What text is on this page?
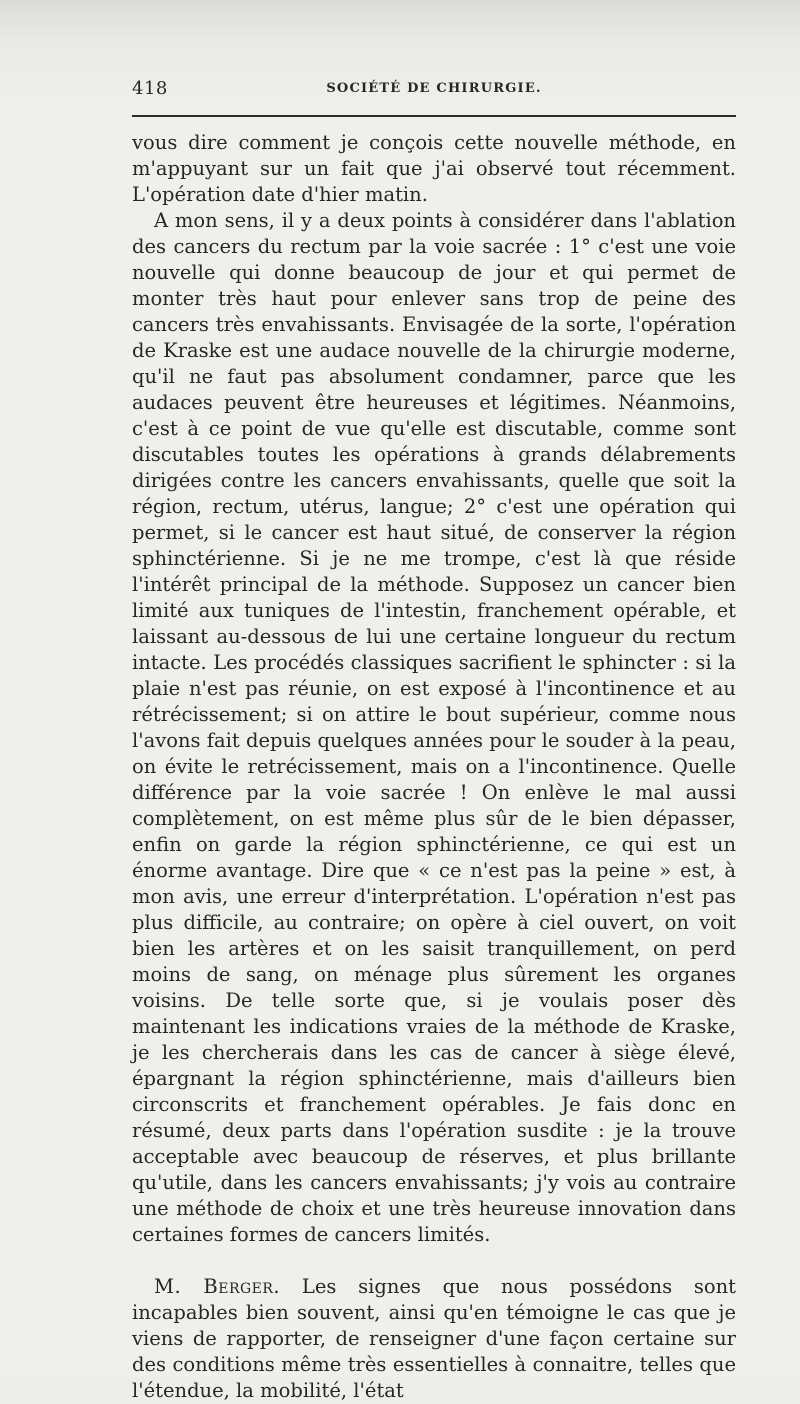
418	SOCIÉTÉ DE CHIRURGIE.

vous dire comment je conçois cette nouvelle méthode, en m'appuyant sur un fait que j'ai observé tout récemment. L'opération date d'hier matin.

A mon sens, il y a deux points à considérer dans l'ablation des cancers du rectum par la voie sacrée : 1° c'est une voie nouvelle qui donne beaucoup de jour et qui permet de monter très haut pour enlever sans trop de peine des cancers très envahissants. Envisagée de la sorte, l'opération de Kraske est une audace nouvelle de la chirurgie moderne, qu'il ne faut pas absolument condamner, parce que les audaces peuvent être heureuses et légitimes. Néanmoins, c'est à ce point de vue qu'elle est discutable, comme sont discutables toutes les opérations à grands délabrements dirigées contre les cancers envahissants, quelle que soit la région, rectum, utérus, langue; 2° c'est une opération qui permet, si le cancer est haut situé, de conserver la région sphinctérienne. Si je ne me trompe, c'est là que réside l'intérêt principal de la méthode. Supposez un cancer bien limité aux tuniques de l'intestin, franchement opérable, et laissant au-dessous de lui une certaine longueur du rectum intacte. Les procédés classiques sacrifient le sphincter : si la plaie n'est pas réunie, on est exposé à l'incontinence et au rétrécissement; si on attire le bout supérieur, comme nous l'avons fait depuis quelques années pour le souder à la peau, on évite le retrécissement, mais on a l'incontinence. Quelle différence par la voie sacrée ! On enlève le mal aussi complètement, on est même plus sûr de le bien dépasser, enfin on garde la région sphinctérienne, ce qui est un énorme avantage. Dire que « ce n'est pas la peine » est, à mon avis, une erreur d'interprétation. L'opération n'est pas plus difficile, au contraire; on opère à ciel ouvert, on voit bien les artères et on les saisit tranquillement, on perd moins de sang, on ménage plus sûrement les organes voisins. De telle sorte que, si je voulais poser dès maintenant les indications vraies de la méthode de Kraske, je les chercherais dans les cas de cancer à siège élevé, épargnant la région sphinctérienne, mais d'ailleurs bien circonscrits et franchement opérables. Je fais donc en résumé, deux parts dans l'opération susdite : je la trouve acceptable avec beaucoup de réserves, et plus brillante qu'utile, dans les cancers envahissants; j'y vois au contraire une méthode de choix et une très heureuse innovation dans certaines formes de cancers limités.

M. Berger. Les signes que nous possédons sont incapables bien souvent, ainsi qu'en témoigne le cas que je viens de rapporter, de renseigner d'une façon certaine sur des conditions même très essentielles à connaitre, telles que l'étendue, la mobilité, l'état
